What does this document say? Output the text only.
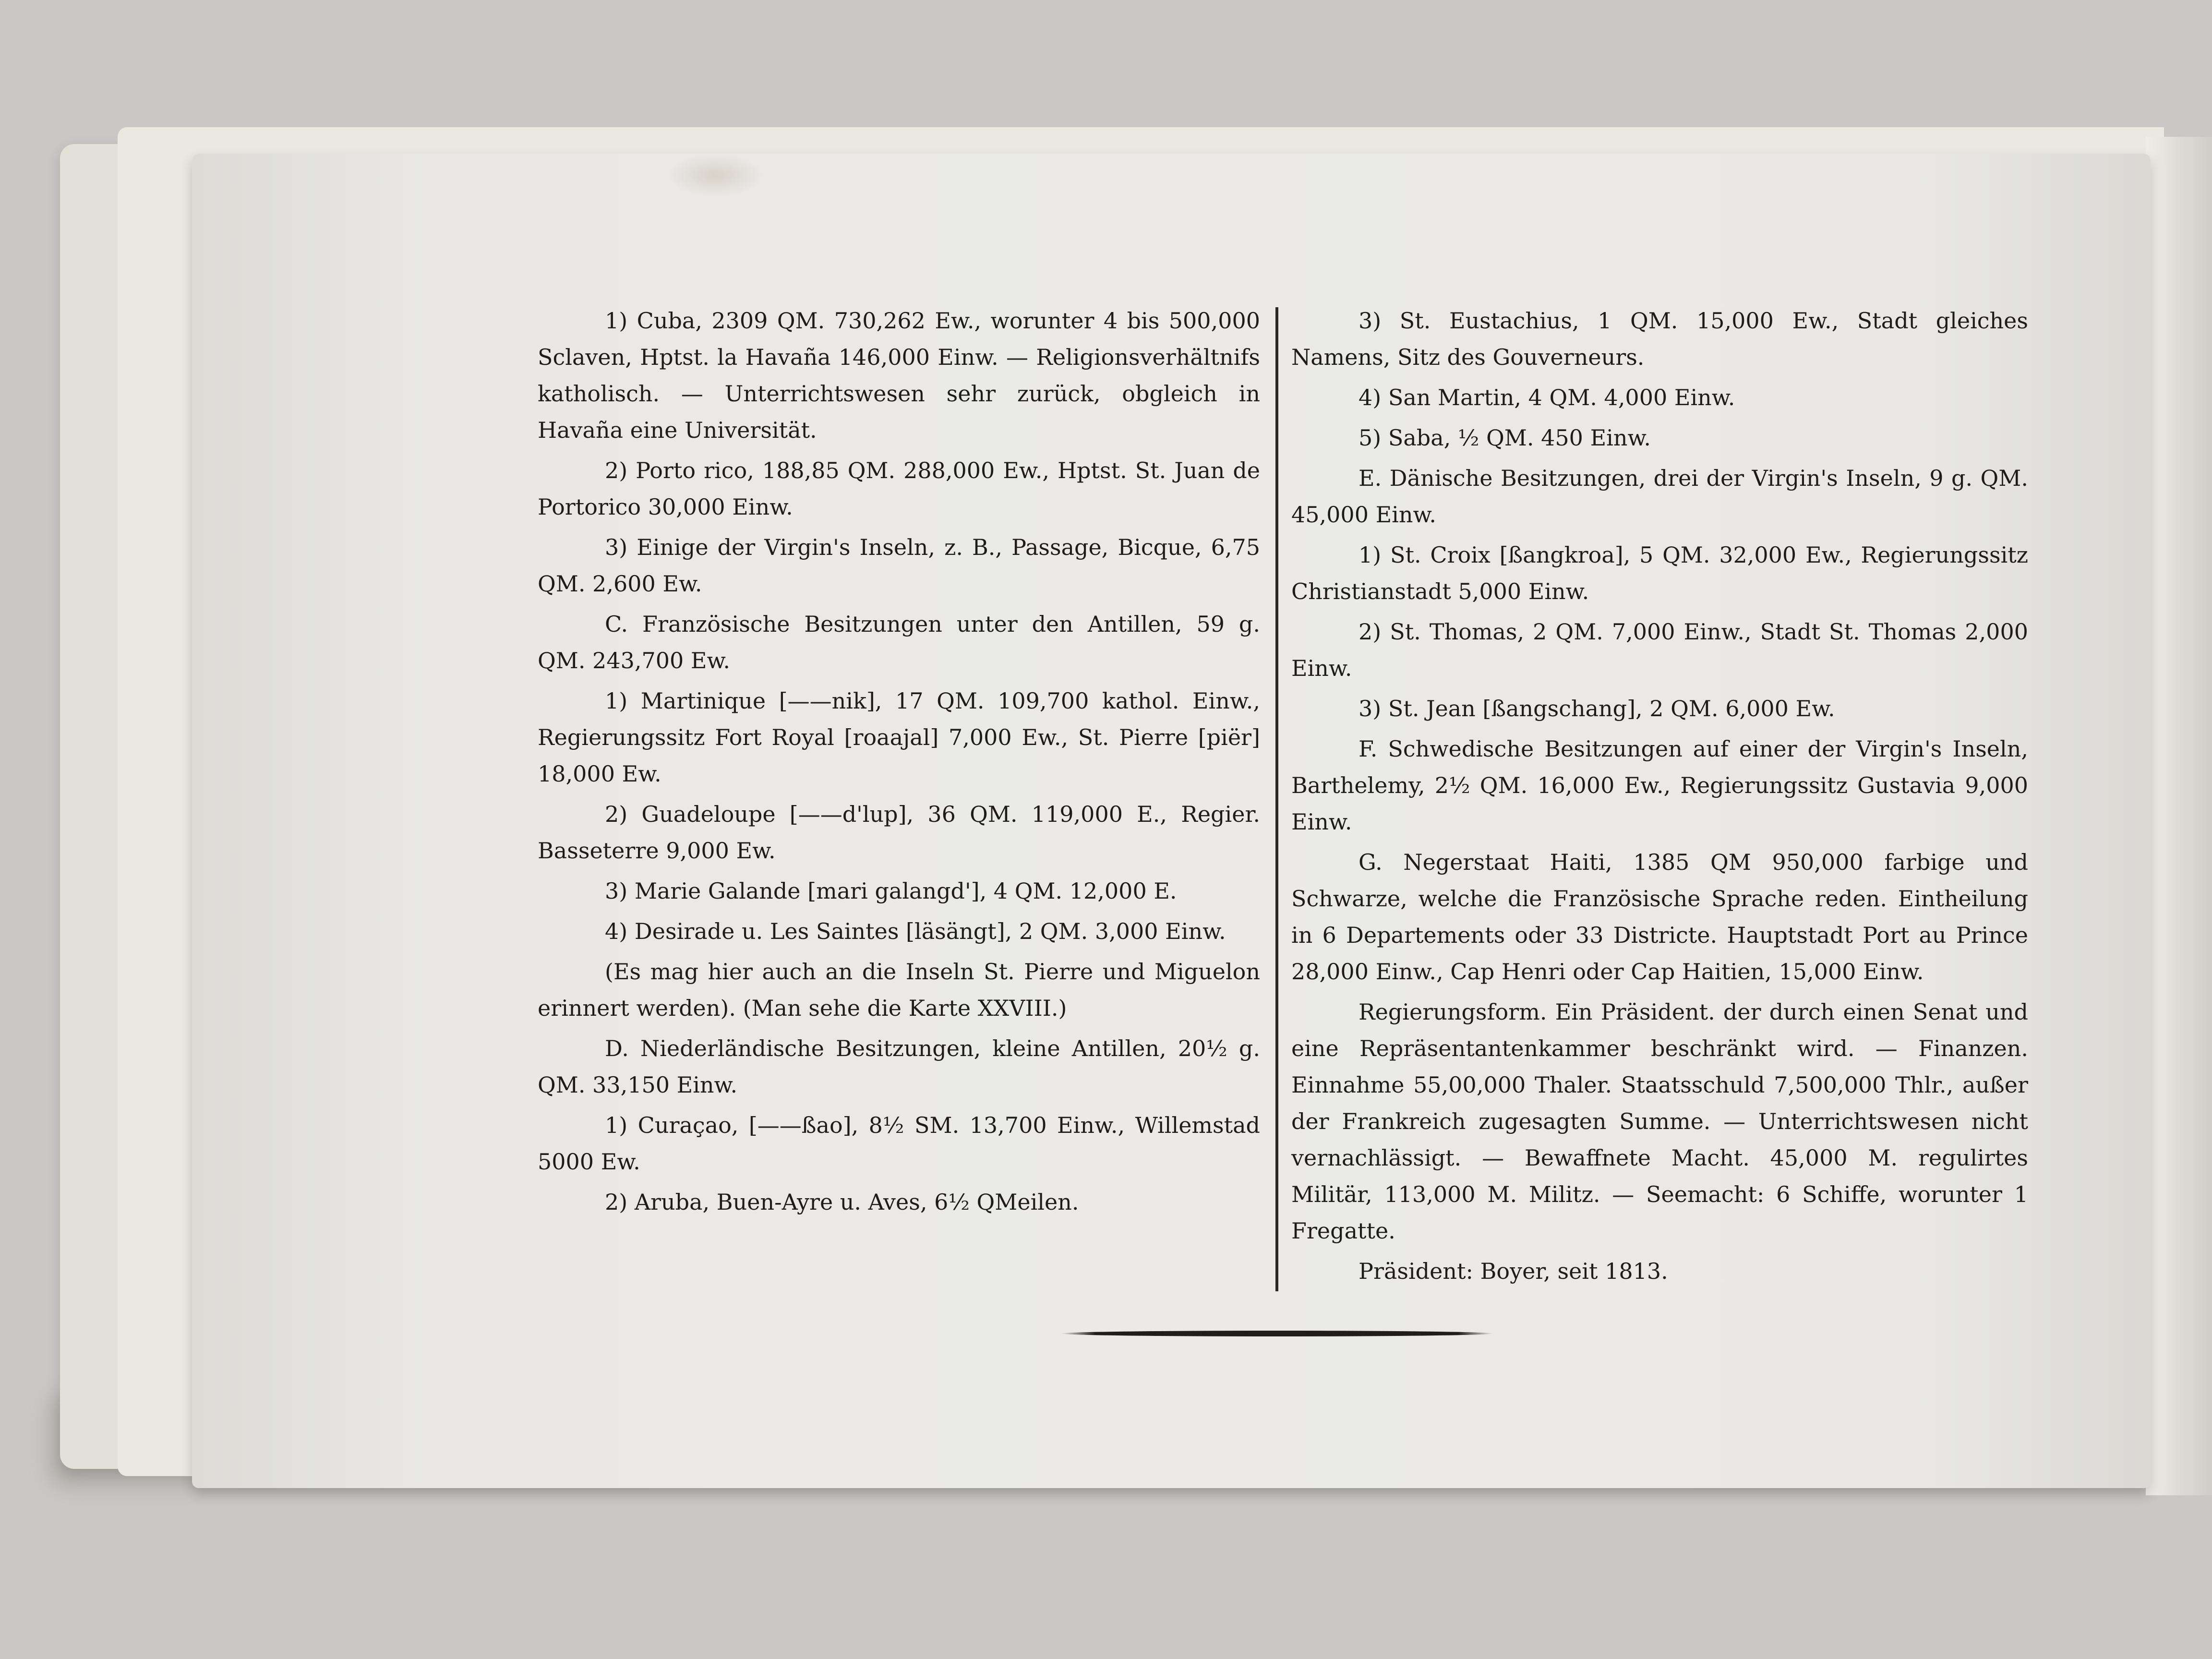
1) Cuba, 2309 QM. 730,262 Ew., worunter 4 bis 500,000 Sclaven, Hptst. la Havaña 146,000 Einw. — Religionsverhältnifs katholisch. — Unterrichtswesen sehr zurück, obgleich in Havaña eine Universität.

2) Porto rico, 188,85 QM. 288,000 Ew., Hptst. St. Juan de Portorico 30,000 Einw.

3) Einige der Virgin's Inseln, z. B., Passage, Bicque, 6,75 QM. 2,600 Ew.

C. Französische Besitzungen unter den Antillen, 59 g. QM. 243,700 Ew.

1) Martinique [——nik], 17 QM. 109,700 kathol. Einw., Regierungssitz Fort Royal [roaajal] 7,000 Ew., St. Pierre [piër] 18,000 Ew.

2) Guadeloupe [——d'lup], 36 QM. 119,000 E., Regier. Basseterre 9,000 Ew.

3) Marie Galande [mari galangd'], 4 QM. 12,000 E.

4) Desirade u. Les Saintes [läsängt], 2 QM. 3,000 Einw.

(Es mag hier auch an die Inseln St. Pierre und Miguelon erinnert werden). (Man sehe die Karte XXVIII.)

D. Niederländische Besitzungen, kleine Antillen, 20½ g. QM. 33,150 Einw.

1) Curaçao, [——ßao], 8½ SM. 13,700 Einw., Willemstad 5000 Ew.

2) Aruba, Buen-Ayre u. Aves, 6½ QMeilen.

3) St. Eustachius, 1 QM. 15,000 Ew., Stadt gleiches Namens, Sitz des Gouverneurs.

4) San Martin, 4 QM. 4,000 Einw.

5) Saba, ½ QM. 450 Einw.

E. Dänische Besitzungen, drei der Virgin's Inseln, 9 g. QM. 45,000 Einw.

1) St. Croix [ßangkroa], 5 QM. 32,000 Ew., Regierungssitz Christianstadt 5,000 Einw.

2) St. Thomas, 2 QM. 7,000 Einw., Stadt St. Thomas 2,000 Einw.

3) St. Jean [ßangschang], 2 QM. 6,000 Ew.

F. Schwedische Besitzungen auf einer der Virgin's Inseln, Barthelemy, 2½ QM. 16,000 Ew., Regierungssitz Gustavia 9,000 Einw.

G. Negerstaat Haiti, 1385 QM 950,000 farbige und Schwarze, welche die Französische Sprache reden. Eintheilung in 6 Departements oder 33 Districte. Hauptstadt Port au Prince 28,000 Einw., Cap Henri oder Cap Haitien, 15,000 Einw.

Regierungsform. Ein Präsident. der durch einen Senat und eine Repräsentantenkammer beschränkt wird. — Finanzen. Einnahme 55,00,000 Thaler. Staatsschuld 7,500,000 Thlr., außer der Frankreich zugesagten Summe. — Unterrichtswesen nicht vernachlässigt. — Bewaffnete Macht. 45,000 M. regulirtes Militär, 113,000 M. Militz. — Seemacht: 6 Schiffe, worunter 1 Fregatte.

Präsident: Boyer, seit 1813.
